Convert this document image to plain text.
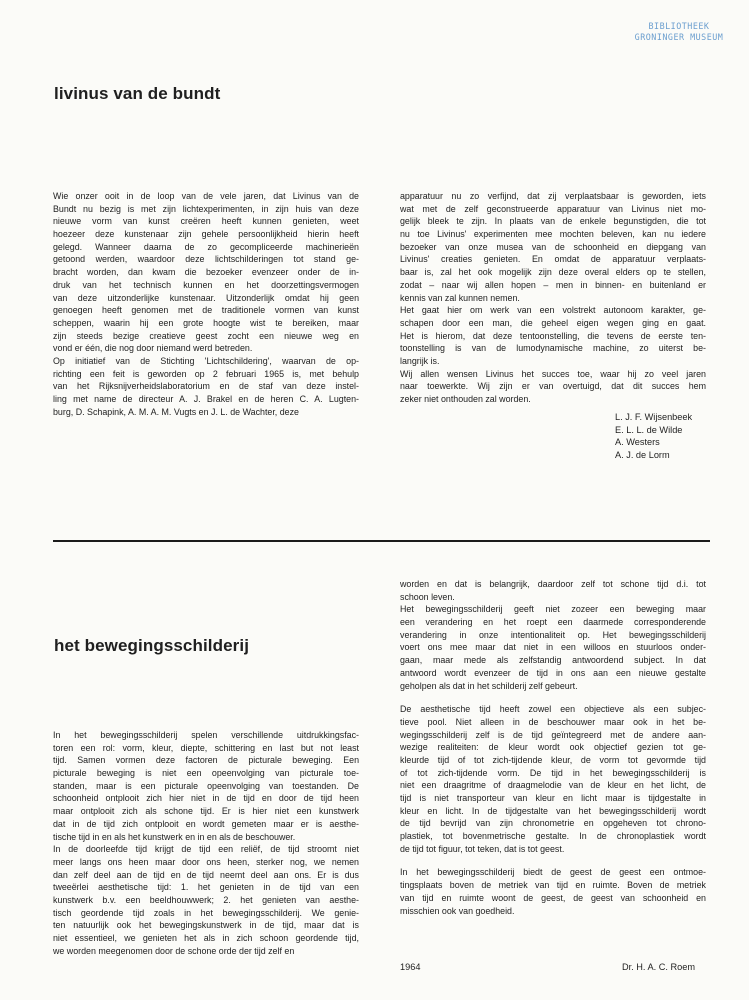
BIBLIOTHEEK
GRONINGER MUSEUM
livinus van de bundt
Wie onzer ooit in de loop van de vele jaren, dat Livinus van de
Bundt nu bezig is met zijn lichtexperimenten, in zijn huis van deze
nieuwe vorm van kunst creëren heeft kunnen genieten, weet
hoezeer deze kunstenaar zijn gehele persoonlijkheid hierin heeft
gelegd. Wanneer daarna de zo gecompliceerde machinerieën
getoond werden, waardoor deze lichtschilderingen tot stand ge-
bracht worden, dan kwam die bezoeker evenzeer onder de in-
druk van het technisch kunnen en het doorzettingsvermogen
van deze uitzonderlijke kunstenaar. Uitzonderlijk omdat hij geen
genoegen heeft genomen met de traditionele vormen van kunst
scheppen, waarin hij een grote hoogte wist te bereiken, maar
zijn steeds bezige creatieve geest zocht een nieuwe weg en
vond er één, die nog door niemand werd betreden.
Op initiatief van de Stichting 'Lichtschildering', waarvan de op-
richting een feit is geworden op 2 februari 1965 is, met behulp
van het Rijksnijverheidslaboratorium en de staf van deze instel-
ling met name de directeur A. J. Brakel en de heren C. A. Lugten-
burg, D. Schapink, A. M. A. M. Vugts en J. L. de Wachter, deze
apparatuur nu zo verfijnd, dat zij verplaatsbaar is geworden, iets
wat met de zelf geconstrueerde apparatuur van Livinus niet mo-
gelijk bleek te zijn. In plaats van de enkele begunstigden, die tot
nu toe Livinus' experimenten mee mochten beleven, kan nu iedere
bezoeker van onze musea van de schoonheid en diepgang van
Livinus' creaties genieten. En omdat de apparatuur verplaats-
baar is, zal het ook mogelijk zijn deze overal elders op te stellen,
zodat – naar wij allen hopen – men in binnen- en buitenland er
kennis van zal kunnen nemen.
Het gaat hier om werk van een volstrekt autonoom karakter, ge-
schapen door een man, die geheel eigen wegen ging en gaat.
Het is hierom, dat deze tentoonstelling, die tevens de eerste ten-
toonstelling is van de lumodynamische machine, zo uiterst be-
langrijk is.
Wij allen wensen Livinus het succes toe, waar hij zo veel jaren
naar toewerkte. Wij zijn er van overtuigd, dat dit succes hem
zeker niet onthouden zal worden.
L. J. F. Wijsenbeek
E. L. L. de Wilde
A. Westers
A. J. de Lorm
het bewegingsschilderij
In het bewegingsschilderij spelen verschillende uitdrukkingsfac-
toren een rol: vorm, kleur, diepte, schittering en last but not least
tijd. Samen vormen deze factoren de picturale beweging. Een
picturale beweging is niet een opeenvolging van picturale toe-
standen, maar is een picturale opeenvolging van toestanden. De
schoonheid ontplooit zich hier niet in de tijd en door de tijd heen
maar ontplooit zich als schone tijd. Er is hier niet een kunstwerk
dat in de tijd zich ontplooit en wordt gemeten maar er is aesthe-
tische tijd in en als het kunstwerk en in en als de beschouwer.
In de doorleefde tijd krijgt de tijd een reliëf, de tijd stroomt niet
meer langs ons heen maar door ons heen, sterker nog, we nemen
dan zelf deel aan de tijd en de tijd neemt deel aan ons. Er is dus
tweeërlei aesthetische tijd: 1. het genieten in de tijd van een
kunstwerk b.v. een beeldhouwwerk; 2. het genieten van aesthe-
tisch geordende tijd zoals in het bewegingsschilderij. We genie-
ten natuurlijk ook het bewegingskunstwerk in de tijd, maar dat is
niet essentieel, we genieten het als in zich schoon geordende tijd,
we worden meegenomen door de schone orde der tijd zelf en
worden en dat is belangrijk, daardoor zelf tot schone tijd d.i. tot
schoon leven.
Het bewegingsschilderij geeft niet zozeer een beweging maar
een verandering en het roept een daarmede corresponderende
verandering in onze intentionaliteit op. Het bewegingsschilderij
voert ons mee maar dat niet in een willoos en stuurloos onder-
gaan, maar mede als zelfstandig antwoordend subject. In dat
antwoord wordt evenzeer de tijd in ons aan een nieuwe gestalte
geholpen als dat in het schilderij zelf gebeurt.
De aesthetische tijd heeft zowel een objectieve als een subjec-
tieve pool. Niet alleen in de beschouwer maar ook in het be-
wegingsschilderij zelf is de tijd geïntegreerd met de andere aan-
wezige realiteiten: de kleur wordt ook objectief gezien tot ge-
kleurde tijd of tot zich-tijdende kleur, de vorm tot gevormde tijd
of tot zich-tijdende vorm. De tijd in het bewegingsschilderij is
niet een draagritme of draagmelodie van de kleur en het licht, de
tijd is niet transporteur van kleur en licht maar is tijdgestalte in
kleur en licht. In de tijdgestalte van het bewegingsschilderij wordt
de tijd bevrijd van zijn chronometrie en opgeheven tot chrono-
plastiek, tot bovenmetrische gestalte. In de chronoplastiek wordt
de tijd tot figuur, tot teken, dat is tot geest.
In het bewegingsschilderij biedt de geest de geest een ontmoe-
tingsplaats boven de metriek van tijd en ruimte. Boven de metriek
van tijd en ruimte woont de geest, de geest van schoonheid en
misschien ook van goedheid.
1964	Dr. H. A. C. Roem
